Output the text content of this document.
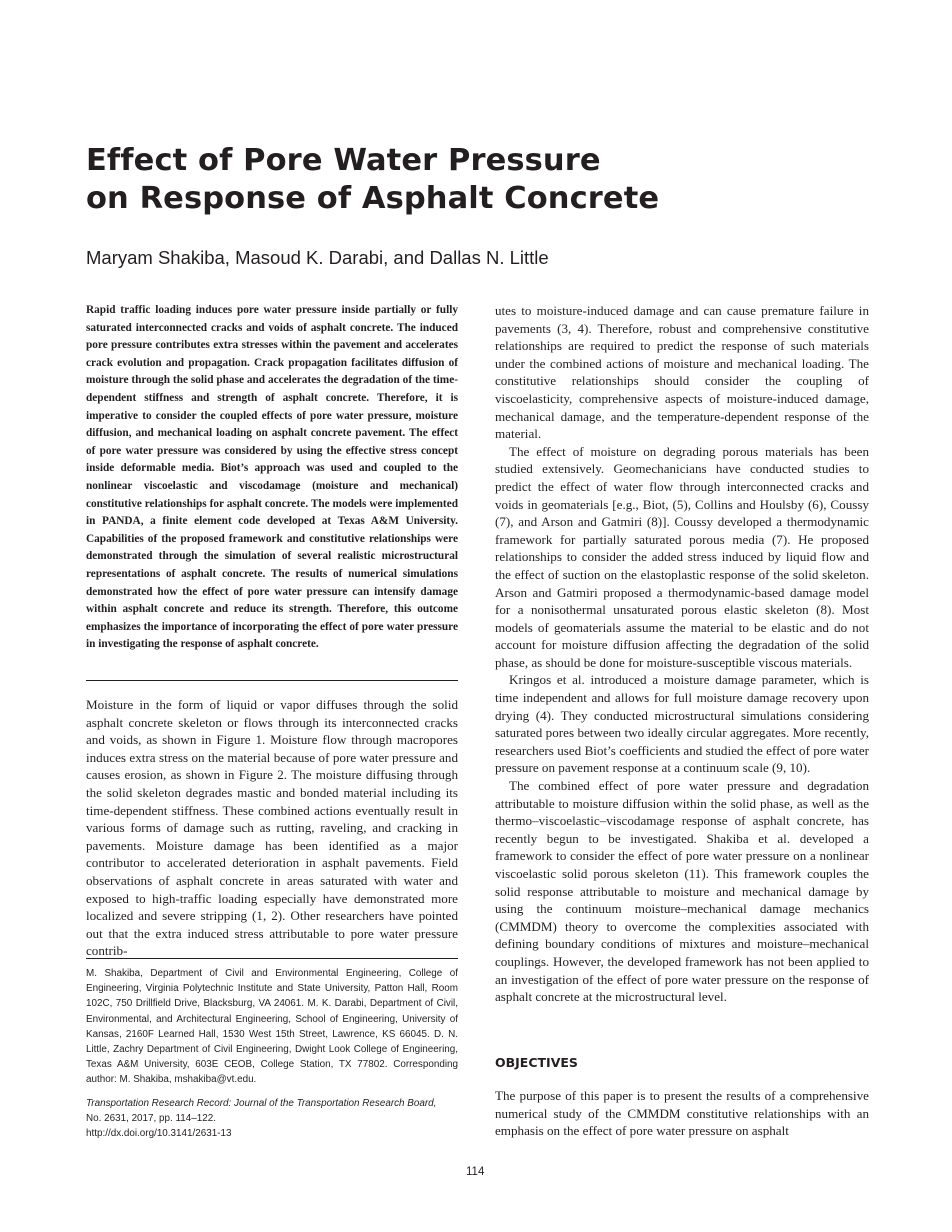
Effect of Pore Water Pressure
on Response of Asphalt Concrete
Maryam Shakiba, Masoud K. Darabi, and Dallas N. Little

Rapid traffic loading induces pore water pressure inside partially or fully saturated interconnected cracks and voids of asphalt concrete. The induced pore pressure contributes extra stresses within the pavement and accelerates crack evolution and propagation. Crack propagation facilitates diffusion of moisture through the solid phase and accelerates the degradation of the time-dependent stiffness and strength of asphalt concrete. Therefore, it is imperative to consider the coupled effects of pore water pressure, moisture diffusion, and mechanical loading on asphalt concrete pavement. The effect of pore water pressure was considered by using the effective stress concept inside deformable media. Biot’s approach was used and coupled to the nonlinear viscoelastic and viscodamage (moisture and mechanical) constitutive relationships for asphalt concrete. The models were implemented in PANDA, a finite element code developed at Texas A&M University. Capabilities of the proposed framework and constitutive relationships were demonstrated through the simulation of several realistic microstructural representations of asphalt concrete. The results of numerical simulations demonstrated how the effect of pore water pressure can intensify damage within asphalt concrete and reduce its strength. Therefore, this outcome emphasizes the importance of incorporating the effect of pore water pressure in investigating the response of asphalt concrete.

Moisture in the form of liquid or vapor diffuses through the solid asphalt concrete skeleton or flows through its interconnected cracks and voids, as shown in Figure 1. Moisture flow through macropores induces extra stress on the material because of pore water pressure and causes erosion, as shown in Figure 2. The moisture diffusing through the solid skeleton degrades mastic and bonded material including its time-dependent stiffness. These combined actions eventually result in various forms of damage such as rutting, raveling, and cracking in pavements. Moisture damage has been identified as a major contributor to accelerated deterioration in asphalt pavements. Field observations of asphalt concrete in areas saturated with water and exposed to high-traffic loading especially have demonstrated more localized and severe stripping (1, 2). Other researchers have pointed out that the extra induced stress attributable to pore water pressure contrib-

M. Shakiba, Department of Civil and Environmental Engineering, College of Engineering, Virginia Polytechnic Institute and State University, Patton Hall, Room 102C, 750 Drillfield Drive, Blacksburg, VA 24061. M. K. Darabi, Department of Civil, Environmental, and Architectural Engineering, School of Engineering, University of Kansas, 2160F Learned Hall, 1530 West 15th Street, Lawrence, KS 66045. D. N. Little, Zachry Department of Civil Engineering, Dwight Look College of Engineering, Texas A&M University, 603E CEOB, College Station, TX 77802. Corresponding author: M. Shakiba, mshakiba@vt.edu.

Transportation Research Record: Journal of the Transportation Research Board,

No. 2631, 2017, pp. 114–122.

http://dx.doi.org/10.3141/2631-13

utes to moisture-induced damage and can cause premature failure in pavements (3, 4). Therefore, robust and comprehensive constitutive relationships are required to predict the response of such materials under the combined actions of moisture and mechanical loading. The constitutive relationships should consider the coupling of viscoelasticity, comprehensive aspects of moisture-induced damage, mechanical damage, and the temperature-dependent response of the material.

The effect of moisture on degrading porous materials has been studied extensively. Geomechanicians have conducted studies to predict the effect of water flow through interconnected cracks and voids in geomaterials [e.g., Biot, (5), Collins and Houlsby (6), Coussy (7), and Arson and Gatmiri (8)]. Coussy developed a thermodynamic framework for partially saturated porous media (7). He proposed relationships to consider the added stress induced by liquid flow and the effect of suction on the elastoplastic response of the solid skeleton. Arson and Gatmiri proposed a thermodynamic-based damage model for a nonisothermal unsaturated porous elastic skeleton (8). Most models of geomaterials assume the material to be elastic and do not account for moisture diffusion affecting the degradation of the solid phase, as should be done for moisture-susceptible viscous materials.

Kringos et al. introduced a moisture damage parameter, which is time independent and allows for full moisture damage recovery upon drying (4). They conducted microstructural simulations considering saturated pores between two ideally circular aggregates. More recently, researchers used Biot’s coefficients and studied the effect of pore water pressure on pavement response at a continuum scale (9, 10).

The combined effect of pore water pressure and degradation attributable to moisture diffusion within the solid phase, as well as the thermo–viscoelastic–viscodamage response of asphalt concrete, has recently begun to be investigated. Shakiba et al. developed a framework to consider the effect of pore water pressure on a nonlinear viscoelastic solid porous skeleton (11). This framework couples the solid response attributable to moisture and mechanical damage by using the continuum moisture–mechanical damage mechanics (CMMDM) theory to overcome the complexities associated with defining boundary conditions of mixtures and moisture–mechanical couplings. However, the developed framework has not been applied to an investigation of the effect of pore water pressure on the response of asphalt concrete at the microstructural level.

OBJECTIVES

The purpose of this paper is to present the results of a comprehensive numerical study of the CMMDM constitutive relationships with an emphasis on the effect of pore water pressure on asphalt

114
